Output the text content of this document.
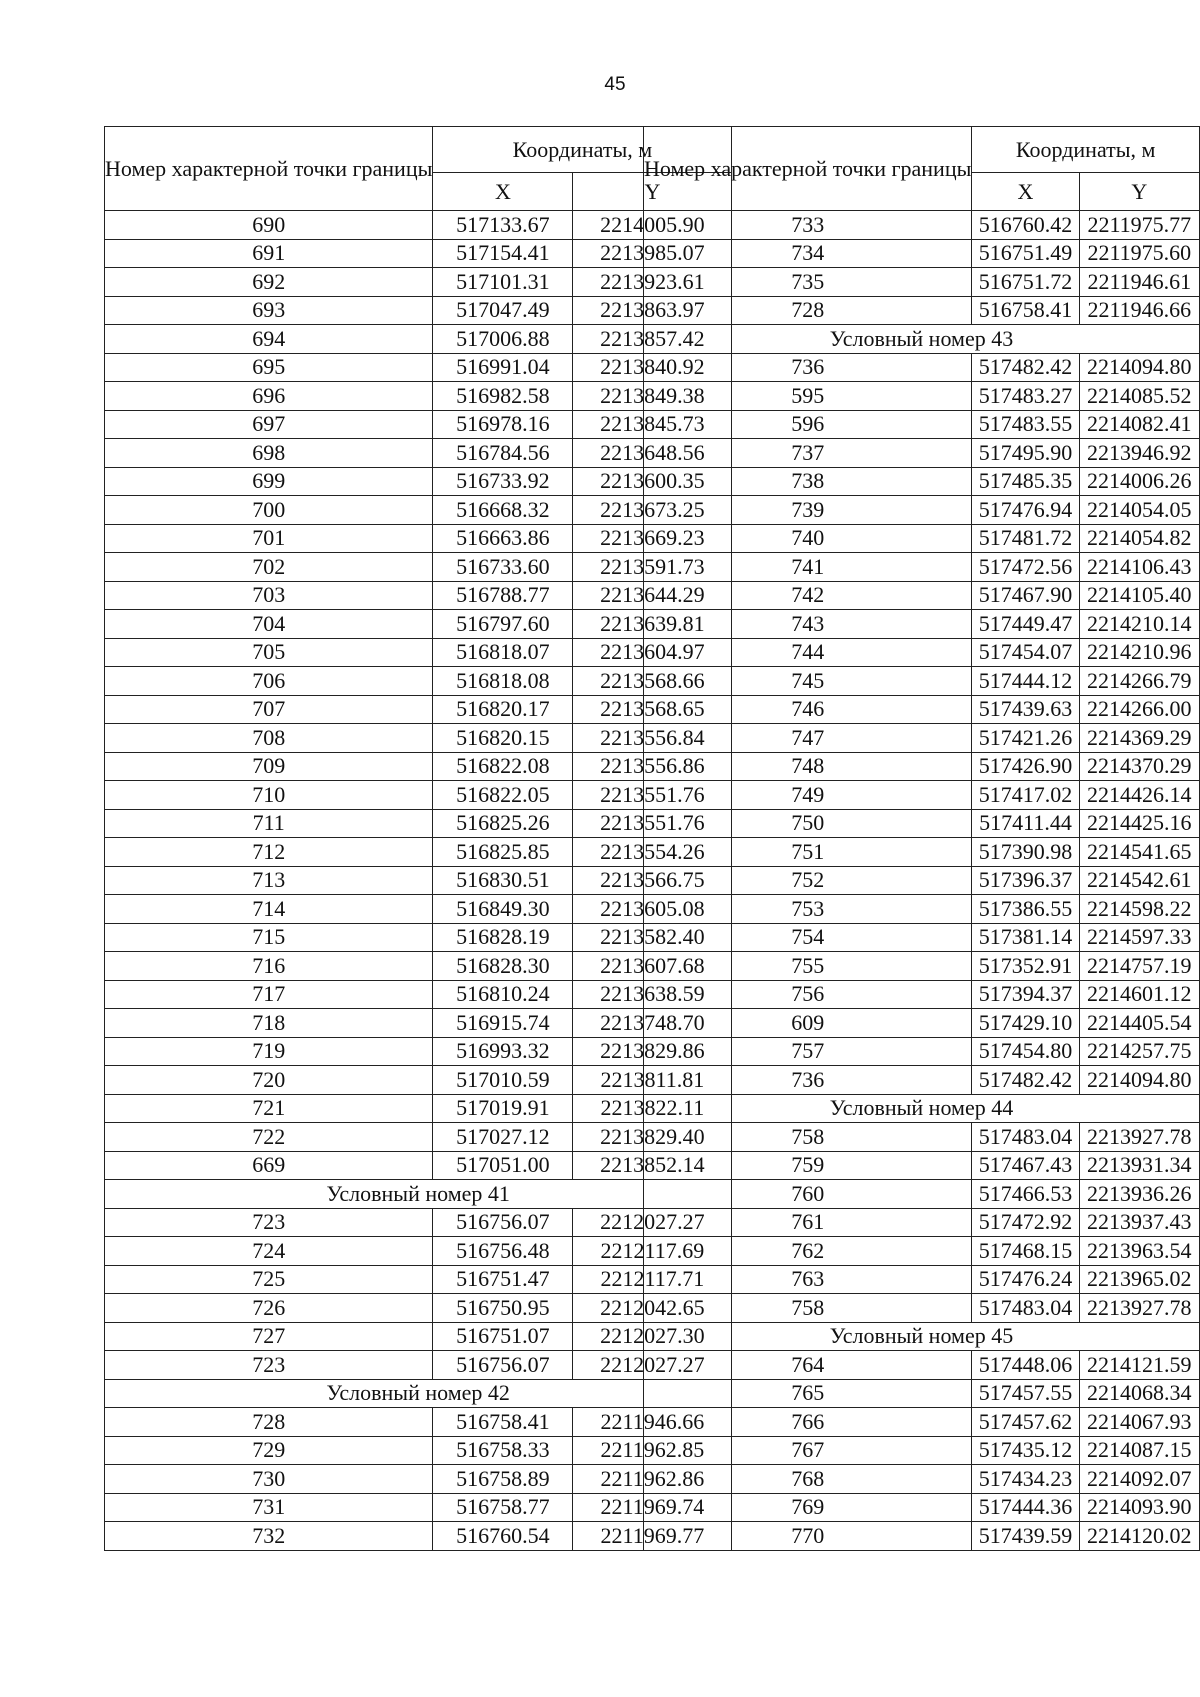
45
Номер характерной точки границы	Координаты, м	
	X	Y
690	517133.67	2214005.90
691	517154.41	2213985.07
692	517101.31	2213923.61
693	517047.49	2213863.97
694	517006.88	2213857.42
695	516991.04	2213840.92
696	516982.58	2213849.38
697	516978.16	2213845.73
698	516784.56	2213648.56
699	516733.92	2213600.35
700	516668.32	2213673.25
701	516663.86	2213669.23
702	516733.60	2213591.73
703	516788.77	2213644.29
704	516797.60	2213639.81
705	516818.07	2213604.97
706	516818.08	2213568.66
707	516820.17	2213568.65
708	516820.15	2213556.84
709	516822.08	2213556.86
710	516822.05	2213551.76
711	516825.26	2213551.76
712	516825.85	2213554.26
713	516830.51	2213566.75
714	516849.30	2213605.08
715	516828.19	2213582.40
716	516828.30	2213607.68
717	516810.24	2213638.59
718	516915.74	2213748.70
719	516993.32	2213829.86
720	517010.59	2213811.81
721	517019.91	2213822.11
722	517027.12	2213829.40
669	517051.00	2213852.14
Условный номер 41		
723	516756.07	2212027.27
724	516756.48	2212117.69
725	516751.47	2212117.71
726	516750.95	2212042.65
727	516751.07	2212027.30
723	516756.07	2212027.27
Условный номер 42		
728	516758.41	2211946.66
729	516758.33	2211962.85
730	516758.89	2211962.86
731	516758.77	2211969.74
732	516760.54	2211969.77
Номер характерной точки границы	Координаты, м	
	X	Y
733	516760.42	2211975.77
734	516751.49	2211975.60
735	516751.72	2211946.61
728	516758.41	2211946.66
Условный номер 43		
736	517482.42	2214094.80
595	517483.27	2214085.52
596	517483.55	2214082.41
737	517495.90	2213946.92
738	517485.35	2214006.26
739	517476.94	2214054.05
740	517481.72	2214054.82
741	517472.56	2214106.43
742	517467.90	2214105.40
743	517449.47	2214210.14
744	517454.07	2214210.96
745	517444.12	2214266.79
746	517439.63	2214266.00
747	517421.26	2214369.29
748	517426.90	2214370.29
749	517417.02	2214426.14
750	517411.44	2214425.16
751	517390.98	2214541.65
752	517396.37	2214542.61
753	517386.55	2214598.22
754	517381.14	2214597.33
755	517352.91	2214757.19
756	517394.37	2214601.12
609	517429.10	2214405.54
757	517454.80	2214257.75
736	517482.42	2214094.80
Условный номер 44		
758	517483.04	2213927.78
759	517467.43	2213931.34
760	517466.53	2213936.26
761	517472.92	2213937.43
762	517468.15	2213963.54
763	517476.24	2213965.02
758	517483.04	2213927.78
Условный номер 45		
764	517448.06	2214121.59
765	517457.55	2214068.34
766	517457.62	2214067.93
767	517435.12	2214087.15
768	517434.23	2214092.07
769	517444.36	2214093.90
770	517439.59	2214120.02
